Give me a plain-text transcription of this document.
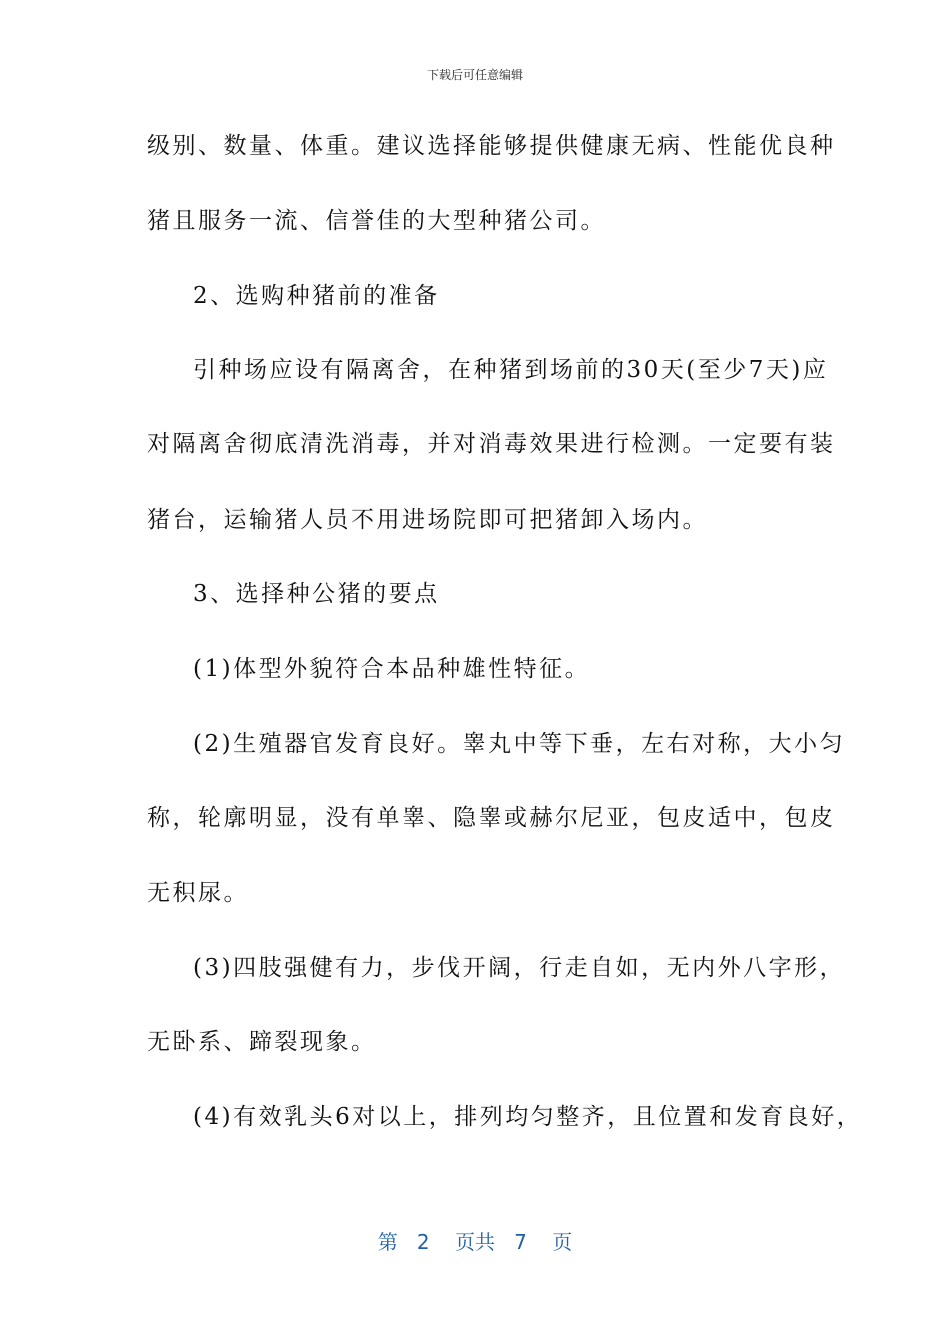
下载后可任意编辑
级别、数量、体重。建议选择能够提供健康无病、性能优良种
猪且服务一流、信誉佳的大型种猪公司。
2、选购种猪前的准备
引种场应设有隔离舍，在种猪到场前的30天(至少7天)应
对隔离舍彻底清洗消毒，并对消毒效果进行检测。一定要有装
猪台，运输猪人员不用进场院即可把猪卸入场内。
3、选择种公猪的要点
(1)体型外貌符合本品种雄性特征。
(2)生殖器官发育良好。睾丸中等下垂，左右对称，大小匀
称，轮廓明显，没有单睾、隐睾或赫尔尼亚，包皮适中，包皮
无积尿。
(3)四肢强健有力，步伐开阔，行走自如，无内外八字形，
无卧系、蹄裂现象。
(4)有效乳头6对以上，排列均匀整齐，且位置和发育良好，
第 2 页共 7 页
